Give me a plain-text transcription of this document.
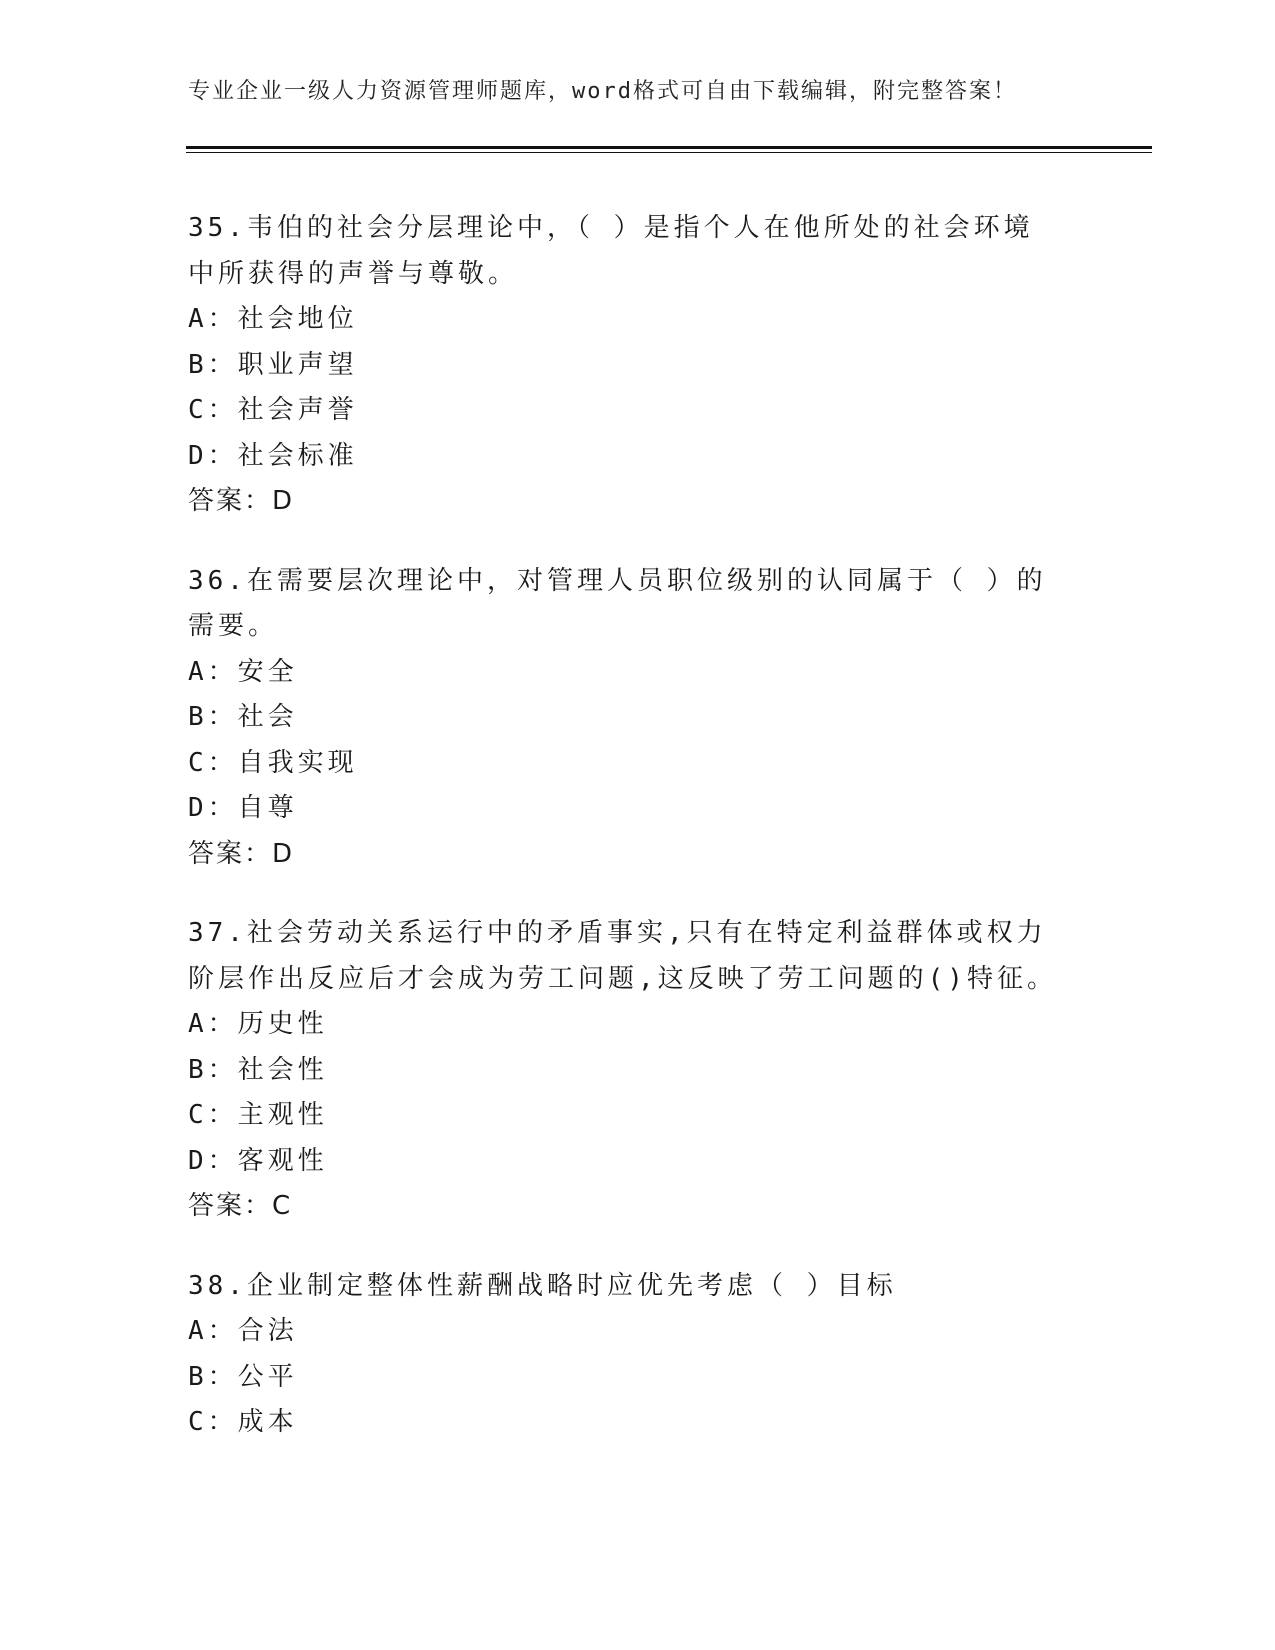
专业企业一级人力资源管理师题库，word格式可自由下载编辑，附完整答案！
35.韦伯的社会分层理论中，（ ）是指个人在他所处的社会环境中所获得的声誉与尊敬。
A：社会地位
B：职业声望
C：社会声誉
D：社会标准
答案：D
36.在需要层次理论中，对管理人员职位级别的认同属于（ ）的需要。
A：安全
B：社会
C：自我实现
D：自尊
答案：D
37.社会劳动关系运行中的矛盾事实,只有在特定利益群体或权力阶层作出反应后才会成为劳工问题,这反映了劳工问题的()特征。
A：历史性
B：社会性
C：主观性
D：客观性
答案：C
38.企业制定整体性薪酬战略时应优先考虑（ ）目标
A：合法
B：公平
C：成本
